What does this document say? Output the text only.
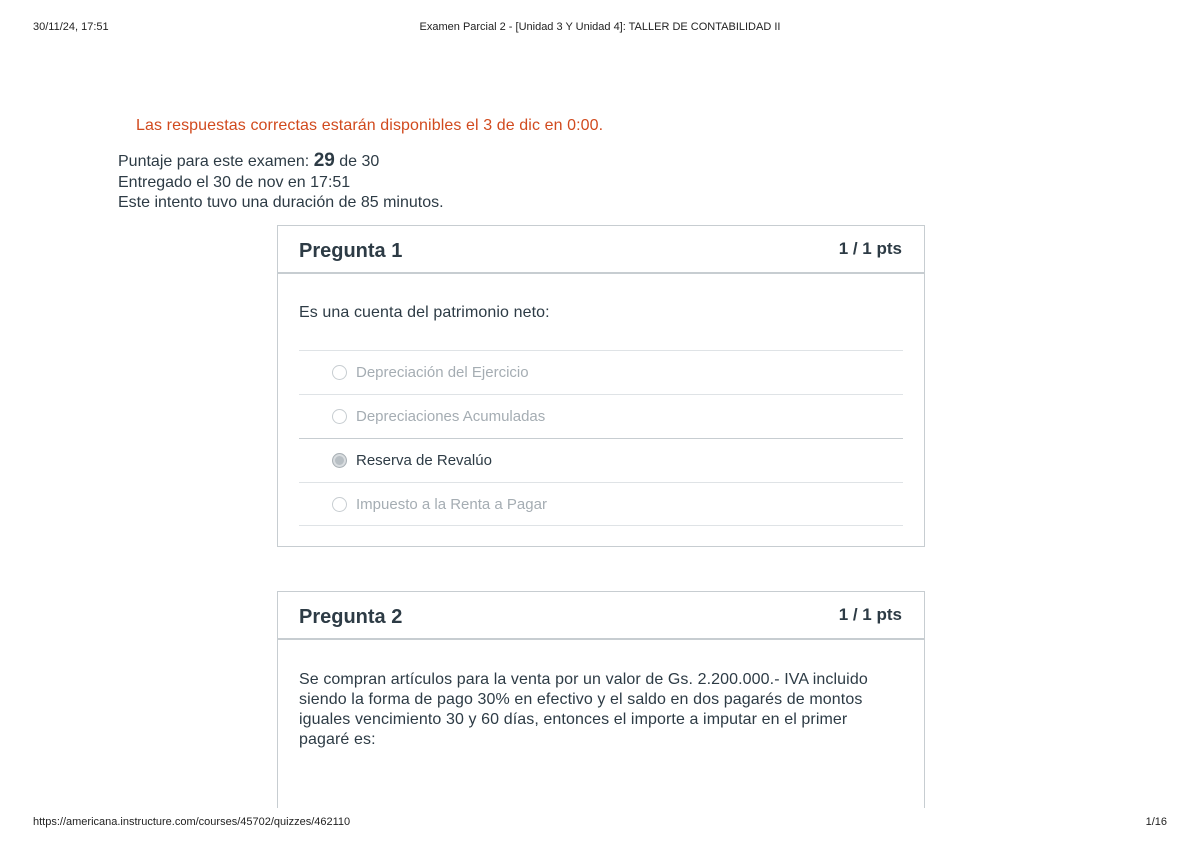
30/11/24, 17:51	Examen Parcial 2 - [Unidad 3 Y Unidad 4]: TALLER DE CONTABILIDAD II
Las respuestas correctas estarán disponibles el 3 de dic en 0:00.
Puntaje para este examen: 29 de 30
Entregado el 30 de nov en 17:51
Este intento tuvo una duración de 85 minutos.
Pregunta 1	1 / 1 pts
Es una cuenta del patrimonio neto:
Depreciación del Ejercicio
Depreciaciones Acumuladas
Reserva de Revalúo
Impuesto a la Renta a Pagar
Pregunta 2	1 / 1 pts
Se compran artículos para la venta por un valor de Gs. 2.200.000.- IVA incluido
siendo la forma de pago 30% en efectivo y el saldo en dos pagarés de montos
iguales vencimiento 30 y 60 días, entonces el importe a imputar en el primer
pagaré es:
https://americana.instructure.com/courses/45702/quizzes/462110	1/16
